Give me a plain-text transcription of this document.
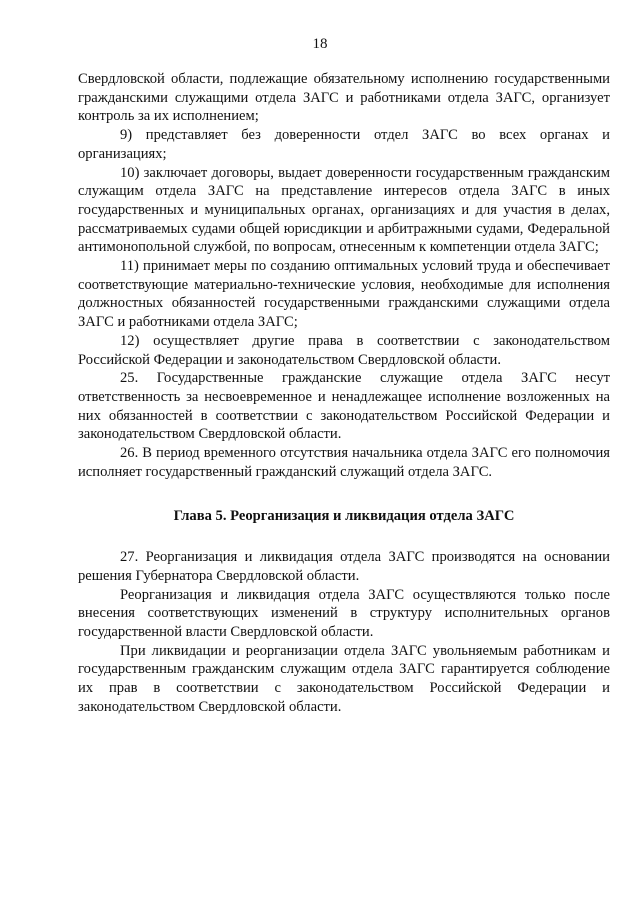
18

Свердловской области, подлежащие обязательному исполнению государственными гражданскими служащими отдела ЗАГС и работниками отдела ЗАГС, организует контроль за их исполнением;

9) представляет без доверенности отдел ЗАГС во всех органах и организациях;

10) заключает договоры, выдает доверенности государственным гражданским служащим отдела ЗАГС на представление интересов отдела ЗАГС в иных государственных и муниципальных органах, организациях и для участия в делах, рассматриваемых судами общей юрисдикции и арбитражными судами, Федеральной антимонопольной службой, по вопросам, отнесенным к компетенции отдела ЗАГС;

11) принимает меры по созданию оптимальных условий труда и обеспечивает соответствующие материально-технические условия, необходимые для исполнения должностных обязанностей государственными гражданскими служащими отдела ЗАГС и работниками отдела ЗАГС;

12) осуществляет другие права в соответствии с законодательством Российской Федерации и законодательством Свердловской области.

25. Государственные гражданские служащие отдела ЗАГС несут ответственность за несвоевременное и ненадлежащее исполнение возложенных на них обязанностей в соответствии с законодательством Российской Федерации и законодательством Свердловской области.

26. В период временного отсутствия начальника отдела ЗАГС его полномочия исполняет государственный гражданский служащий отдела ЗАГС.

Глава 5. Реорганизация и ликвидация отдела ЗАГС

27. Реорганизация и ликвидация отдела ЗАГС производятся на основании решения Губернатора Свердловской области.

Реорганизация и ликвидация отдела ЗАГС осуществляются только после внесения соответствующих изменений в структуру исполнительных органов государственной власти Свердловской области.

При ликвидации и реорганизации отдела ЗАГС увольняемым работникам и государственным гражданским служащим отдела ЗАГС гарантируется соблюдение их прав в соответствии с законодательством Российской Федерации и законодательством Свердловской области.
